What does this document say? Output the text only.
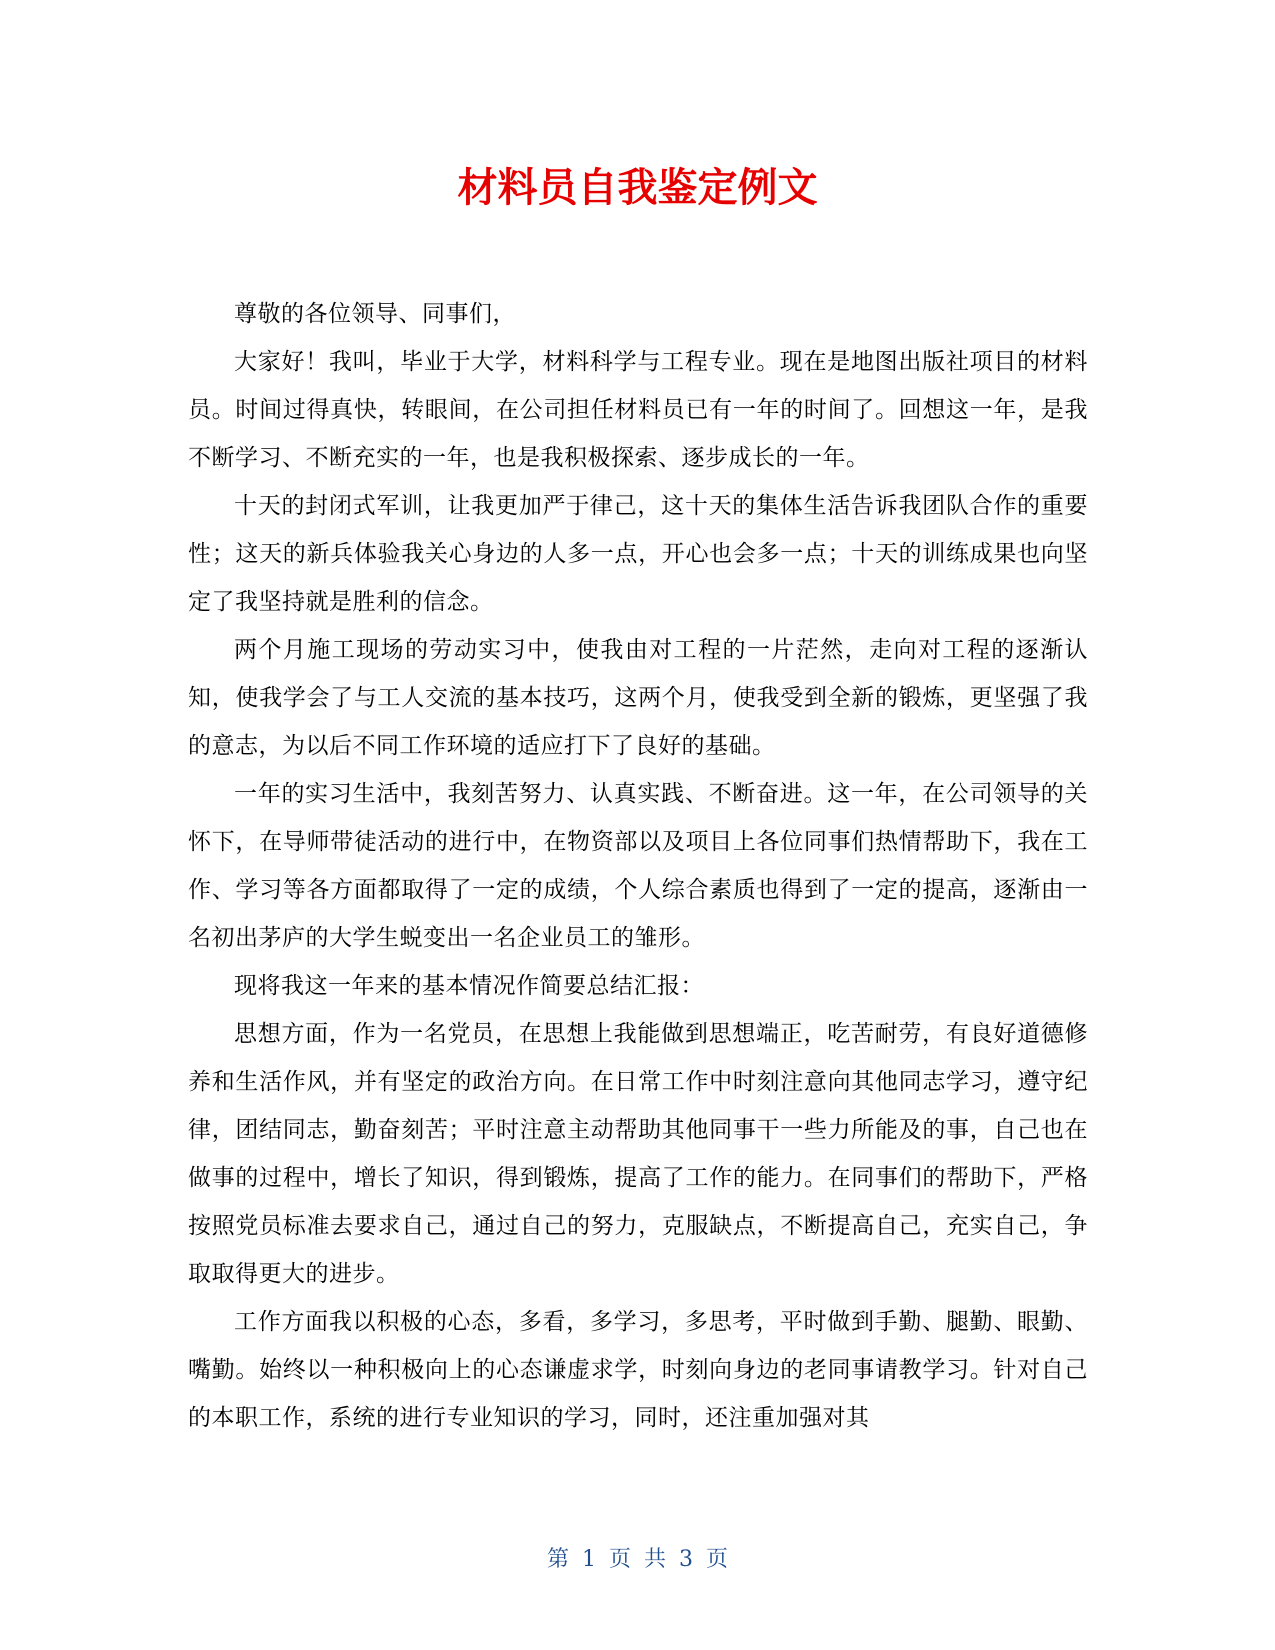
材料员自我鉴定例文

尊敬的各位领导、同事们，

大家好！我叫，毕业于大学，材料科学与工程专业。现在是地图出版社项目的材料员。时间过得真快，转眼间，在公司担任材料员已有一年的时间了。回想这一年，是我不断学习、不断充实的一年，也是我积极探索、逐步成长的一年。

十天的封闭式军训，让我更加严于律己，这十天的集体生活告诉我团队合作的重要性；这天的新兵体验我关心身边的人多一点，开心也会多一点；十天的训练成果也向坚定了我坚持就是胜利的信念。

两个月施工现场的劳动实习中，使我由对工程的一片茫然，走向对工程的逐渐认知，使我学会了与工人交流的基本技巧，这两个月，使我受到全新的锻炼，更坚强了我的意志，为以后不同工作环境的适应打下了良好的基础。

一年的实习生活中，我刻苦努力、认真实践、不断奋进。这一年，在公司领导的关怀下，在导师带徒活动的进行中，在物资部以及项目上各位同事们热情帮助下，我在工作、学习等各方面都取得了一定的成绩，个人综合素质也得到了一定的提高，逐渐由一名初出茅庐的大学生蜕变出一名企业员工的雏形。

现将我这一年来的基本情况作简要总结汇报：

思想方面，作为一名党员，在思想上我能做到思想端正，吃苦耐劳，有良好道德修养和生活作风，并有坚定的政治方向。在日常工作中时刻注意向其他同志学习，遵守纪律，团结同志，勤奋刻苦；平时注意主动帮助其他同事干一些力所能及的事，自己也在做事的过程中，增长了知识，得到锻炼，提高了工作的能力。在同事们的帮助下，严格按照党员标准去要求自己，通过自己的努力，克服缺点，不断提高自己，充实自己，争取取得更大的进步。

工作方面我以积极的心态，多看，多学习，多思考，平时做到手勤、腿勤、眼勤、嘴勤。始终以一种积极向上的心态谦虚求学，时刻向身边的老同事请教学习。针对自己的本职工作，系统的进行专业知识的学习，同时，还注重加强对其

第 1 页 共 3 页
